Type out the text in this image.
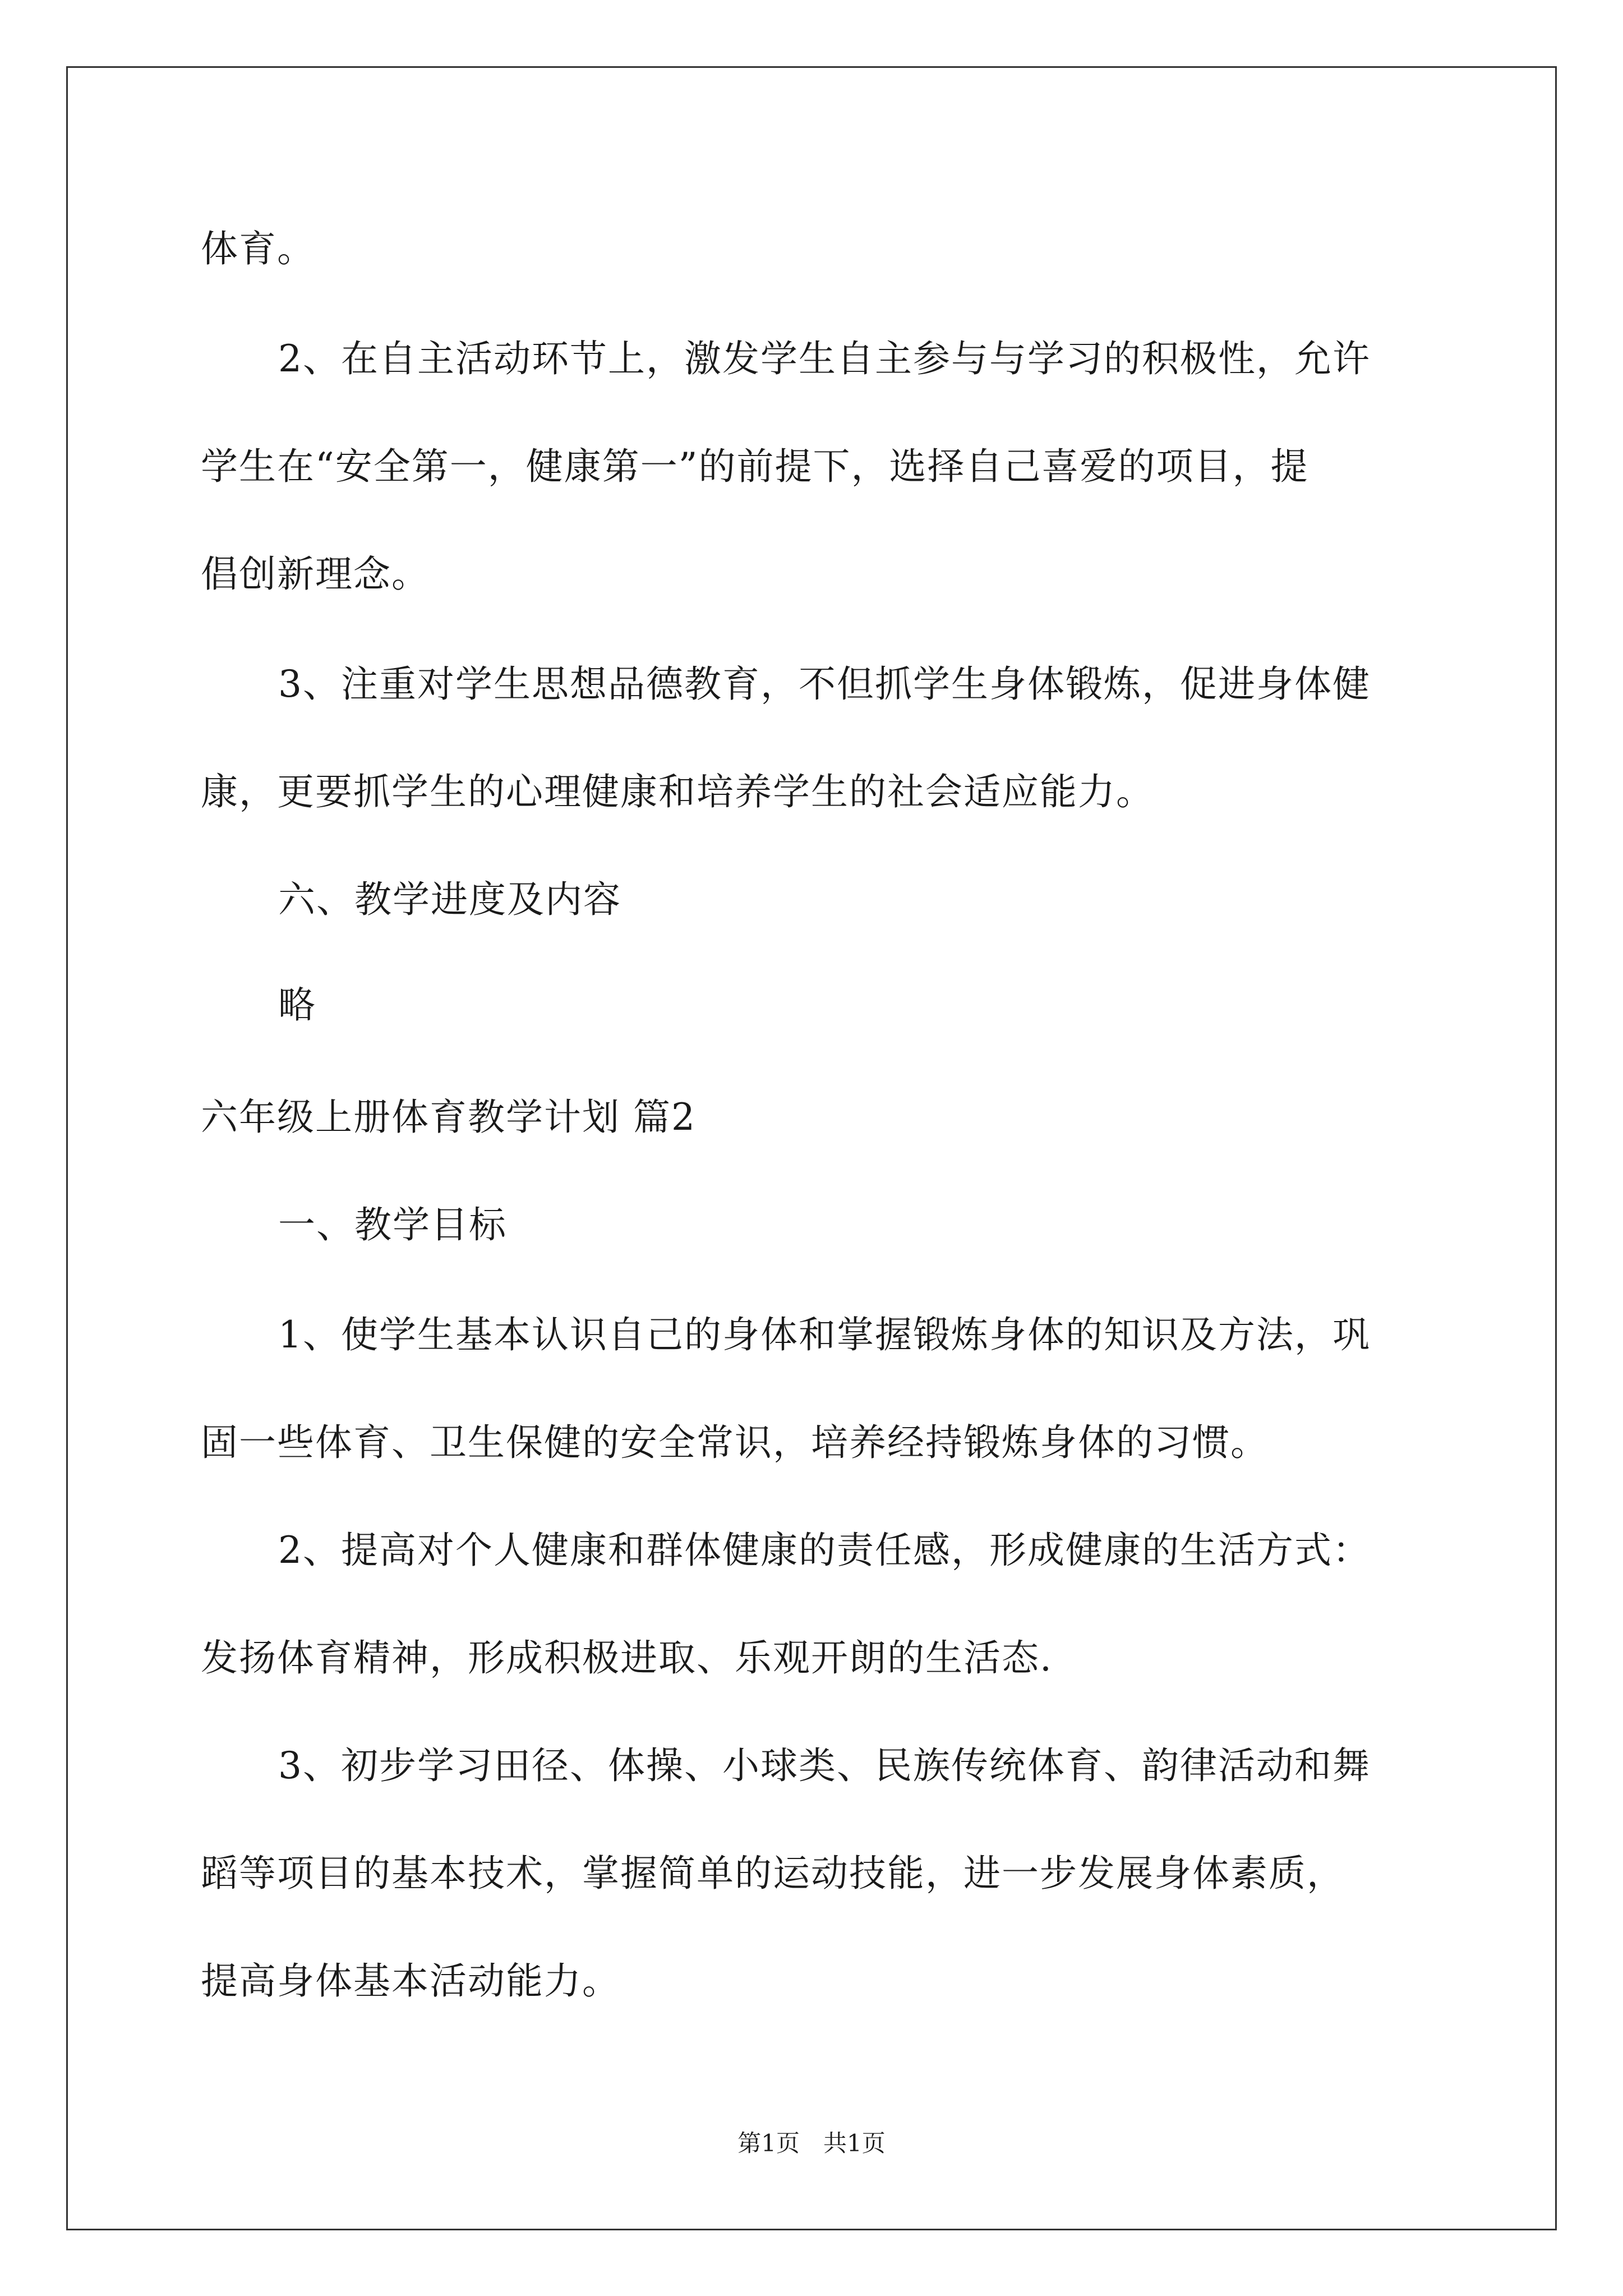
体育。
2、在自主活动环节上，激发学生自主参与与学习的积极性，允许
学生在“安全第一，健康第一”的前提下，选择自己喜爱的项目，提
倡创新理念。
3、注重对学生思想品德教育，不但抓学生身体锻炼，促进身体健
康，更要抓学生的心理健康和培养学生的社会适应能力。
六、教学进度及内容
略
六年级上册体育教学计划 篇2
一、教学目标
1、使学生基本认识自己的身体和掌握锻炼身体的知识及方法，巩
固一些体育、卫生保健的安全常识，培养经持锻炼身体的习惯。
2、提高对个人健康和群体健康的责任感，形成健康的生活方式：
发扬体育精神，形成积极进取、乐观开朗的生活态.
3、初步学习田径、体操、小球类、民族传统体育、韵律活动和舞
蹈等项目的基本技术，掌握简单的运动技能，进一步发展身体素质，
提高身体基本活动能力。
第1页　共1页
